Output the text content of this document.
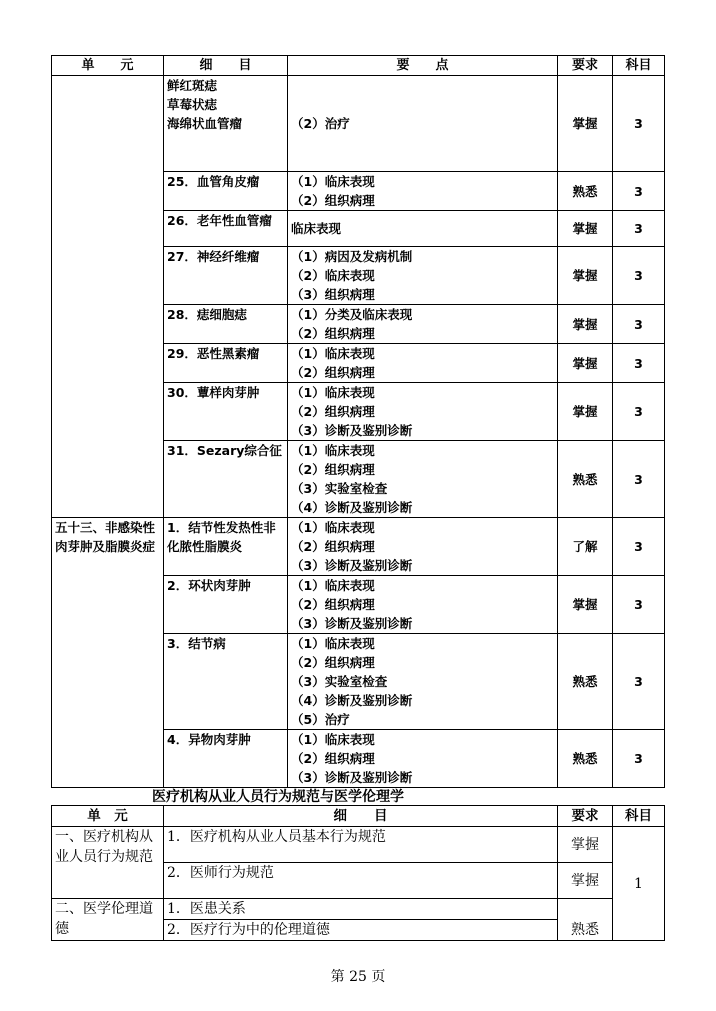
单　　元	细　　目	要　　点	要求	科目

	鲜红斑痣
草莓状痣
海绵状血管瘤	（2）治疗	掌握	3

	25．血管角皮瘤	（1）临床表现
（2）组织病理	熟悉	3

	26．老年性血管瘤	临床表现	掌握	3

	27．神经纤维瘤	（1）病因及发病机制
（2）临床表现
（3）组织病理	掌握	3

	28．痣细胞痣	（1）分类及临床表现
（2）组织病理	掌握	3

	29．恶性黑素瘤	（1）临床表现
（2）组织病理	掌握	3

	30．蕈样肉芽肿	（1）临床表现
（2）组织病理
（3）诊断及鉴别诊断	掌握	3

	31．Sezary综合征	（1）临床表现
（2）组织病理
（3）实验室检查
（4）诊断及鉴别诊断	熟悉	3
五十三、非感染性肉芽肿及脂膜炎症	1．结节性发热性非化脓性脂膜炎	（1）临床表现
（2）组织病理
（3）诊断及鉴别诊断	了解	3

	2．环状肉芽肿	（1）临床表现
（2）组织病理
（3）诊断及鉴别诊断	掌握	3

	3．结节病	（1）临床表现
（2）组织病理
（3）实验室检查
（4）诊断及鉴别诊断
（5）治疗	熟悉	3

	4．异物肉芽肿	（1）临床表现
（2）组织病理
（3）诊断及鉴别诊断	熟悉	3
医疗机构从业人员行为规范与医学伦理学
单　元	细　　目	要求	科目
一、医疗机构从业人员行为规范	1．医疗机构从业人员基本行为规范	掌握	1
	2．医师行为规范	掌握	
二、医学伦理道德	1．医患关系	熟悉	
	2．医疗行为中的伦理道德		
第 25 页
